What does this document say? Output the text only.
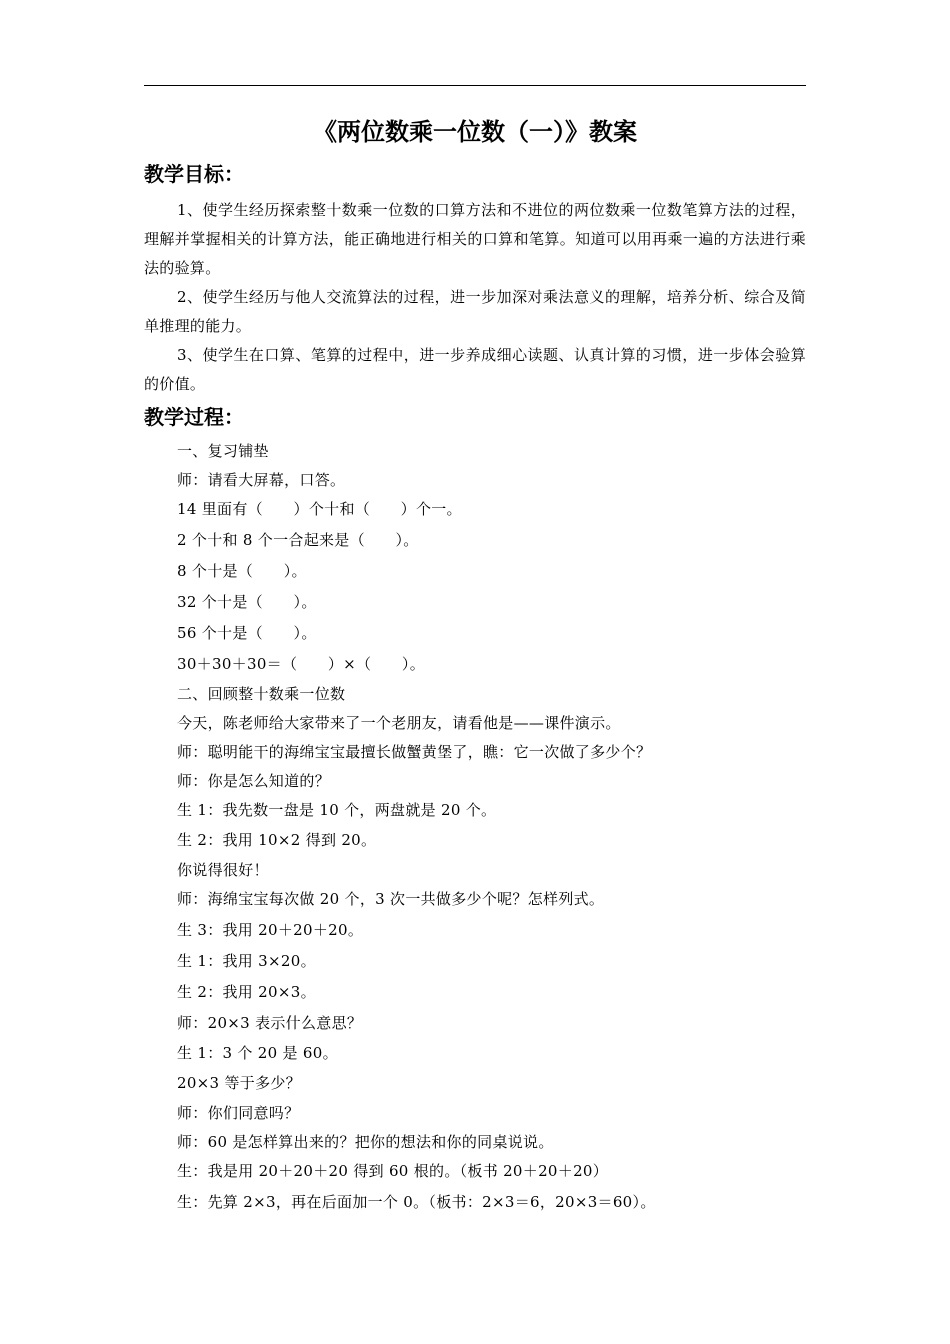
《两位数乘一位数（一）》教案
教学目标：

1、使学生经历探索整十数乘一位数的口算方法和不进位的两位数乘一位数笔算方法的过程，理解并掌握相关的计算方法，能正确地进行相关的口算和笔算。知道可以用再乘一遍的方法进行乘法的验算。

2、使学生经历与他人交流算法的过程，进一步加深对乘法意义的理解，培养分析、综合及简单推理的能力。

3、使学生在口算、笔算的过程中，进一步养成细心读题、认真计算的习惯，进一步体会验算的价值。

教学过程：

一、复习铺垫

师：请看大屏幕，口答。

14 里面有（　　）个十和（　　）个一。

2 个十和 8 个一合起来是（　　）。

8 个十是（　　）。

32 个十是（　　）。

56 个十是（　　）。

30＋30＋30＝（　　）×（　　）。

二、回顾整十数乘一位数

今天，陈老师给大家带来了一个老朋友，请看他是——课件演示。

师：聪明能干的海绵宝宝最擅长做蟹黄堡了，瞧：它一次做了多少个？

师：你是怎么知道的？

生 1：我先数一盘是 10 个，两盘就是 20 个。

生 2：我用 10×2 得到 20。

你说得很好！

师：海绵宝宝每次做 20 个，3 次一共做多少个呢？怎样列式。

生 3：我用 20＋20＋20。

生 1：我用 3×20。

生 2：我用 20×3。

师：20×3 表示什么意思？

生 1：3 个 20 是 60。

20×3 等于多少？

师：你们同意吗？

师：60 是怎样算出来的？把你的想法和你的同桌说说。

生：我是用 20＋20＋20 得到 60 根的。（板书 20＋20＋20）

生：先算 2×3，再在后面加一个 0。（板书：2×3＝6，20×3＝60）。
